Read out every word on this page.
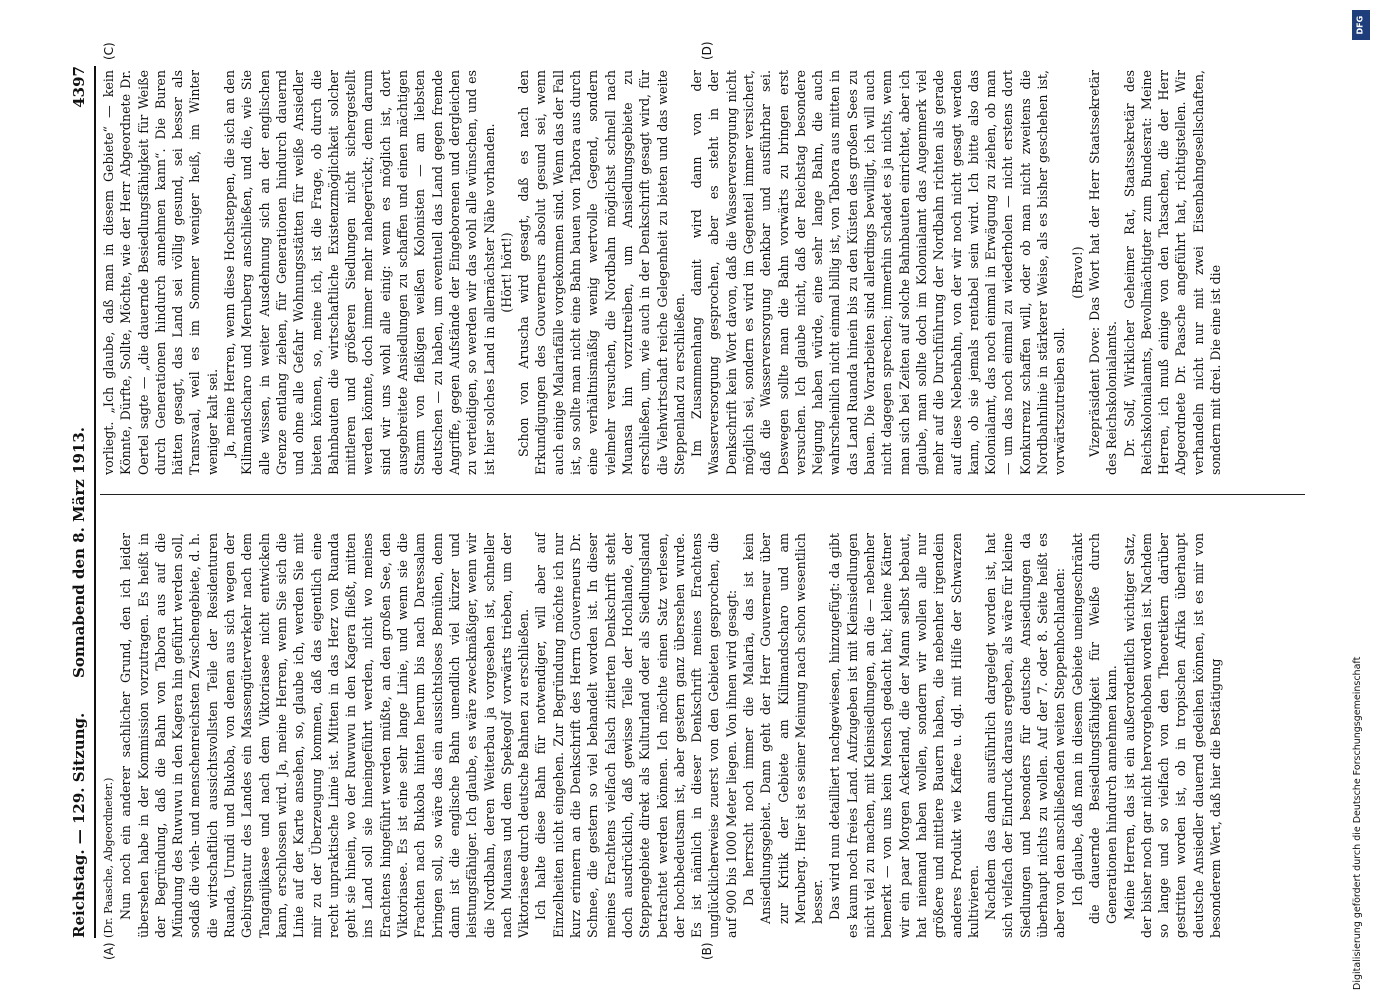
Reichstag. — 129. Sitzung.
Sonnabend den 8. März 1913.
4397
(A)	(B)
(C)	(D)

(Dr. Paasche, Abgeordneter.) Nun noch ein anderer sachlicher Grund, den ich leider übersehen habe in der Kommission vorzutragen. Es heißt in der Begründung, daß die Bahn von Tabora aus auf die Mündung des Ruwuwu in den Kagera hin geführt werden soll, sodaß die vieh- und menschenreichsten Zwischengebiete, d. h. die wirtschaftlich aussichtsvollsten Teile der Residenturen Ruanda, Urundi und Bukoba, von denen aus sich wegen der Gebirgsnatur des Landes ein Massengüterverkehr nach dem Tanganjikasee und nach dem Viktoriasee nicht entwickeln kann, erschlossen wird. Ja, meine Herren, wenn Sie sich die Linie auf der Karte ansehen, so, glaube ich, werden Sie mit mir zu der Überzeugung kommen, daß das eigentlich eine recht unpraktische Linie ist. Mitten in das Herz von Ruanda geht sie hinein, wo der Ruwuwu in den Kagera fließt, mitten ins Land soll sie hineingeführt werden, nicht wo meines Erachtens hingeführt werden müßte, an den großen See, den Viktoriasee. Es ist eine sehr lange Linie, und wenn sie die Frachten nach Bukoba hinten herum bis nach Daressalam bringen soll, so wäre das ein aussichtsloses Bemühen, denn dann ist die englische Bahn unendlich viel kürzer und leistungsfähiger. Ich glaube, es wäre zweckmäßiger, wenn wir die Nordbahn, deren Weiterbau ja vorgesehen ist, schneller nach Muansa und dem Spekegolf vorwärts trieben, um der Viktoriasee durch deutsche Bahnen zu erschließen. Ich halte diese Bahn für notwendiger, will aber auf Einzelheiten nicht eingehen. Zur Begründung möchte ich nur kurz erinnern an die Denkschrift des Herrn Gouverneurs Dr. Schnee, die gestern so viel behandelt worden ist. In dieser meines Erachtens vielfach falsch zitierten Denkschrift steht doch ausdrücklich, daß gewisse Teile der Hochlande, der Steppengebiete direkt als Kulturland oder als Siedlungsland betrachtet werden können. Ich möchte einen Satz verlesen, der hochbedeutsam ist, aber gestern ganz übersehen wurde. Es ist nämlich in dieser Denkschrift meines Erachtens unglücklicherweise zuerst von den Gebieten gesprochen, die auf 900 bis 1000 Meter liegen. Von ihnen wird gesagt: Da herrscht noch immer die Malaria, das ist kein Ansiedlungsgebiet. Dann geht der Herr Gouverneur über zur Kritik der Gebiete am Kilimandscharo und am Meruberg. Hier ist es seiner Meinung nach schon wesentlich besser. Das wird nun detailliert nachgewiesen, hinzugefügt: da gibt es kaum noch freies Land. Aufzugeben ist mit Kleinsiedlungen nicht viel zu machen, mit Kleinsiedlungen, an die — nebenher bemerkt — von uns kein Mensch gedacht hat; kleine Kätner wir ein paar Morgen Ackerland, die der Mann selbst bebaut, hat niemand haben wollen, sondern wir wollen alle nur größere und mittlere Bauern haben, die nebenher irgendein anderes Produkt wie Kaffee u. dgl. mit Hilfe der Schwarzen kultivieren. Nachdem das dann ausführlich dargelegt worden ist, hat sich vielfach der Eindruck daraus ergeben, als wäre für kleine Siedlungen und besonders für deutsche Ansiedlungen da überhaupt nichts zu wollen. Auf der 7. oder 8. Seite heißt es aber von den anschließenden weiten Steppenhochlanden: Ich glaube, daß man in diesem Gebiete uneingeschränkt die dauernde Besiedlungsfähigkeit für Weiße durch Generationen hindurch annehmen kann. Meine Herren, das ist ein außerordentlich wichtiger Satz, der bisher noch gar nicht hervorgehoben worden ist. Nachdem so lange und so vielfach von den Theoretikern darüber gestritten worden ist, ob in tropischen Afrika überhaupt deutsche Ansiedler dauernd gedeihen können, ist es mir von besonderem Wert, daß hier die Bestätigung

vorliegt. „Ich glaube, daß man in diesem Gebiete“ — kein Könnte, Dürfte, Sollte, Möchte, wie der Herr Abgeordnete Dr. Oertel sagte — „die dauernde Besiedlungsfähigkeit für Weiße durch Generationen hindurch annehmen kann“. Die Buren hätten gesagt, das Land sei völlig gesund, sei besser als Transvaal, weil es im Sommer weniger heiß, im Winter weniger kalt sei. Ja, meine Herren, wenn diese Hochsteppen, die sich an den Kilimandscharo und Meruberg anschließen, und die, wie Sie alle wissen, in weiter Ausdehnung sich an der englischen Grenze entlang ziehen, für Generationen hindurch dauernd und ohne alle Gefahr Wohnungsstätten für weiße Ansiedler bieten können, so, meine ich, ist die Frage, ob durch die Bahnbauten die wirtschaftliche Existenzmöglichkeit solcher mittleren und größeren Siedlungen nicht sichergestellt werden könnte, doch immer mehr nahegerückt; denn darum sind wir uns wohl alle einig: wenn es möglich ist, dort ausgebreitete Ansiedlungen zu schaffen und einen mächtigen Stamm von fleißigen weißen Kolonisten — am liebsten deutschen — zu haben, um eventuell das Land gegen fremde Angriffe, gegen Aufstände der Eingeborenen und dergleichen zu verteidigen, so werden wir das wohl alle wünschen, und es ist hier solches Land in allernächster Nähe vorhanden. (Hört! hört!) Schon von Aruscha wird gesagt, daß es nach den Erkundigungen des Gouverneurs absolut gesund sei, wenn auch einige Malariafälle vorgekommen sind. Wenn das der Fall ist, so sollte man nicht eine Bahn bauen von Tabora aus durch eine verhältnismäßig wenig wertvolle Gegend, sondern vielmehr versuchen, die Nordbahn möglichst schnell nach Muansa hin vorzutreiben, um Ansiedlungsgebiete zu erschließen, um, wie auch in der Denkschrift gesagt wird, für die Viehwirtschaft reiche Gelegenheit zu bieten und das weite Steppenland zu erschließen. Im Zusammenhang damit wird dann von der Wasserversorgung gesprochen, aber es steht in der Denkschrift kein Wort davon, daß die Wasserversorgung nicht möglich sei, sondern es wird im Gegenteil immer versichert, daß die Wasserversorgung denkbar und ausführbar sei. Deswegen sollte man die Bahn vorwärts zu bringen erst versuchen. Ich glaube nicht, daß der Reichstag besondere Neigung haben würde, eine sehr lange Bahn, die auch wahrscheinlich nicht einmal billig ist, von Tabora aus mitten in das Land Ruanda hinein bis zu den Küsten des großen Sees zu bauen. Die Vorarbeiten sind allerdings bewilligt, ich will auch nicht dagegen sprechen; immerhin schadet es ja nichts, wenn man sich bei Zeiten auf solche Bahnbauten einrichtet, aber ich glaube, man sollte doch im Kolonialamt das Augenmerk viel mehr auf die Durchführung der Nordbahn richten als gerade auf diese Nebenbahn, von der wir noch nicht gesagt werden kann, ob sie jemals rentabel sein wird. Ich bitte also das Kolonialamt, das noch einmal in Erwägung zu ziehen, ob man — um das noch einmal zu wiederholen — nicht erstens dort Konkurrenz schaffen will, oder ob man nicht zweitens die Nordbahnlinie in stärkerer Weise, als es bisher geschehen ist, vorwärtszutreiben soll.

(Bravo!) Vizepräsident Dove: Das Wort hat der Herr Staatssekretär des Reichskolonialamts. Dr. Solf, Wirklicher Geheimer Rat, Staatssekretär des Reichskolonialamts, Bevollmächtigter zum Bundesrat: Meine Herren, ich muß einige von den Tatsachen, die der Herr Abgeordnete Dr. Paasche angeführt hat, richtigstellen. Wir verhandeln nicht nur mit zwei Eisenbahngesellschaften, sondern mit drei. Die eine ist die

DFG
Digitalisierung gefördert durch die Deutsche Forschungsgemeinschaft
